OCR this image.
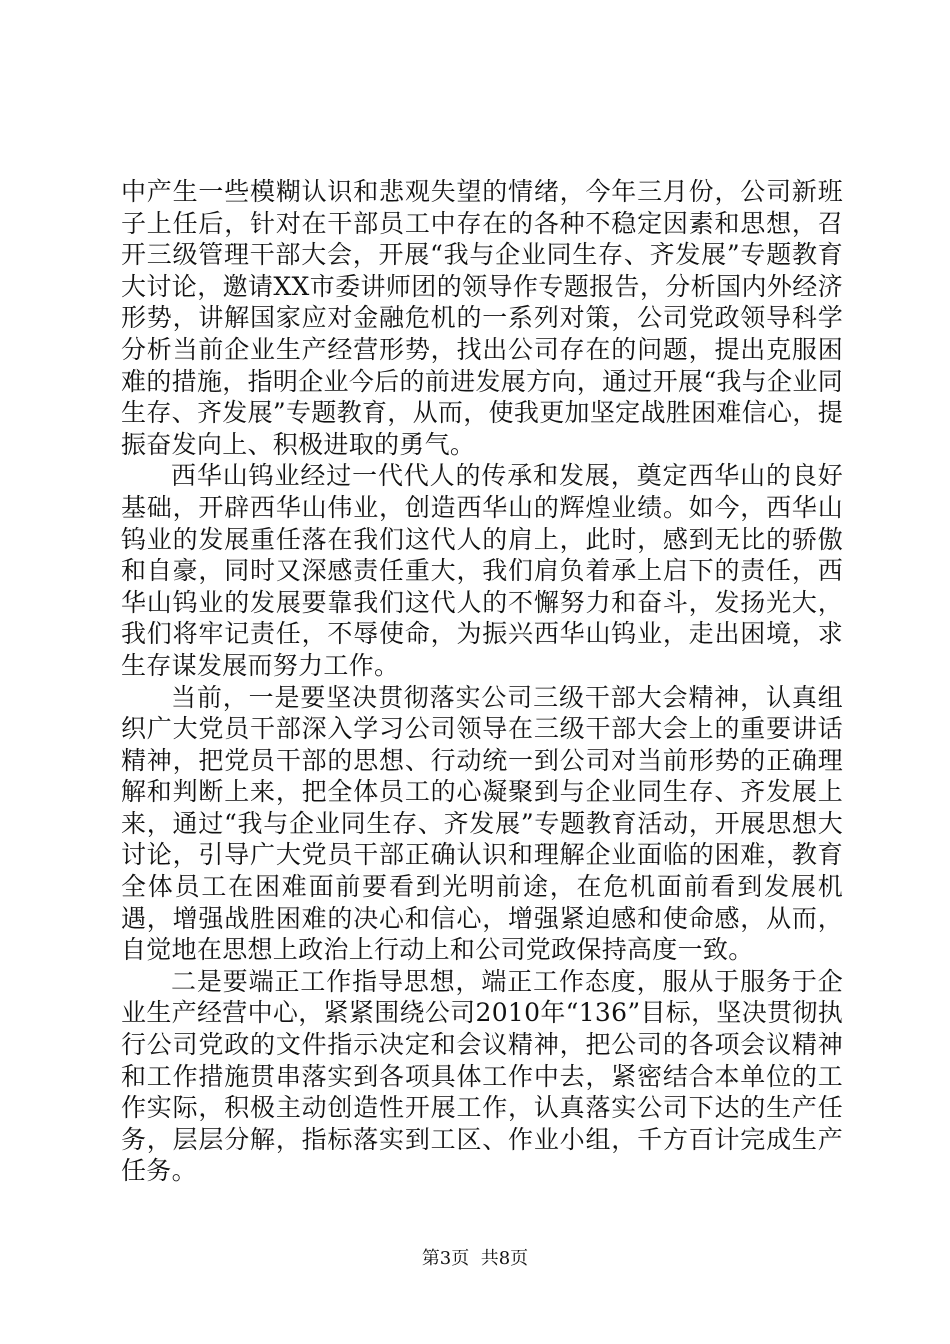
中产生一些模糊认识和悲观失望的情绪，今年三月份，公司新班子上任后，针对在干部员工中存在的各种不稳定因素和思想，召开三级管理干部大会，开展“我与企业同生存、齐发展”专题教育大讨论，邀请XX市委讲师团的领导作专题报告，分析国内外经济形势，讲解国家应对金融危机的一系列对策，公司党政领导科学分析当前企业生产经营形势，找出公司存在的问题，提出克服困难的措施，指明企业今后的前进发展方向，通过开展“我与企业同生存、齐发展”专题教育，从而，使我更加坚定战胜困难信心，提振奋发向上、积极进取的勇气。

西华山钨业经过一代代人的传承和发展，奠定西华山的良好基础，开辟西华山伟业，创造西华山的辉煌业绩。如今，西华山钨业的发展重任落在我们这代人的肩上，此时，感到无比的骄傲和自豪，同时又深感责任重大，我们肩负着承上启下的责任，西华山钨业的发展要靠我们这代人的不懈努力和奋斗，发扬光大，我们将牢记责任，不辱使命，为振兴西华山钨业，走出困境，求生存谋发展而努力工作。

当前，一是要坚决贯彻落实公司三级干部大会精神，认真组织广大党员干部深入学习公司领导在三级干部大会上的重要讲话精神，把党员干部的思想、行动统一到公司对当前形势的正确理解和判断上来，把全体员工的心凝聚到与企业同生存、齐发展上来，通过“我与企业同生存、齐发展”专题教育活动，开展思想大讨论，引导广大党员干部正确认识和理解企业面临的困难，教育全体员工在困难面前要看到光明前途，在危机面前看到发展机遇，增强战胜困难的决心和信心，增强紧迫感和使命感，从而，自觉地在思想上政治上行动上和公司党政保持高度一致。

二是要端正工作指导思想，端正工作态度，服从于服务于企业生产经营中心，紧紧围绕公司2010年“136”目标，坚决贯彻执行公司党政的文件指示决定和会议精神，把公司的各项会议精神和工作措施贯串落实到各项具体工作中去，紧密结合本单位的工作实际，积极主动创造性开展工作，认真落实公司下达的生产任务，层层分解，指标落实到工区、作业小组，千方百计完成生产任务。

第3页  共8页
